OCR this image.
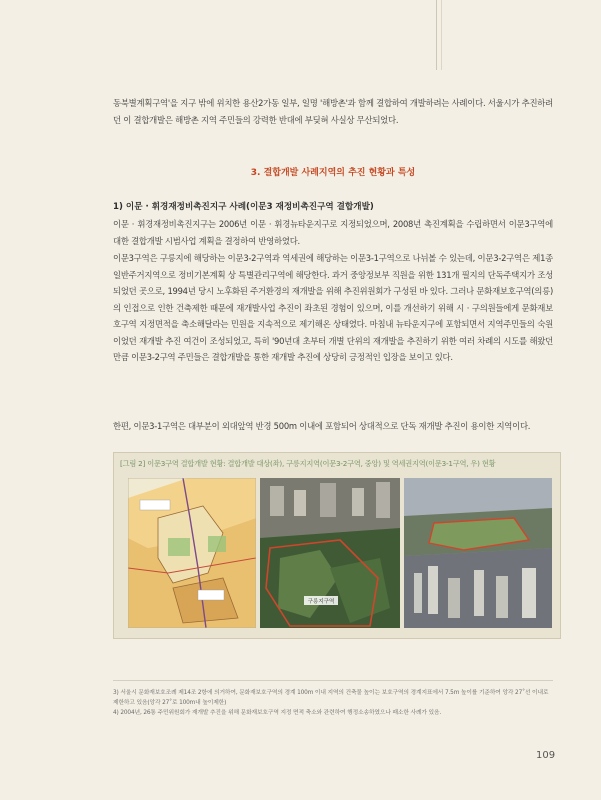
동북별계획구역'을 지구 밖에 위치한 용산2가동 일부, 일명 '해방촌'과 함께 결합하여 개발하려는 사례이다. 서울시가 추진하려던 이 결합개발은 해방촌 지역 주민들의 강력한 반대에 부딪혀 사실상 무산되었다.

3. 결합개발 사례지역의 추진 현황과 특성

1) 이문 · 휘경재정비촉진지구 사례(이문3 재정비촉진구역 결합개발)

이문 · 휘경재정비촉진지구는 2006년 이문 · 휘경뉴타운지구로 지정되었으며, 2008년 촉진계획을 수립하면서 이문3구역에 대한 결합개발 시범사업 계획을 결정하여 반영하였다.

이문3구역은 구릉지에 해당하는 이문3-2구역과 역세권에 해당하는 이문3-1구역으로 나뉘볼 수 있는데, 이문3-2구역은 제1종 일반주거지역으로 정비기본계획 상 특별관리구역에 해당한다. 과거 중앙정보부 직원을 위한 131개 필지의 단독주택지가 조성되었던 곳으로, 1994년 당시 노후화된 주거환경의 재개발을 위해 추진위원회가 구성된 바 있다. 그러나 문화재보호구역(의릉)의 인접으로 인한 건축제한 때문에 재개발사업 추진이 좌초된 경험이 있으며, 이를 개선하기 위해 시 · 구의원들에게 문화재보호구역 지정면적을 축소해달라는 민원을 지속적으로 제기해온 상태였다. 마침내 뉴타운지구에 포함되면서 지역주민들의 숙원이었던 재개발 추진 여건이 조성되었고, 특히 '90년대 초부터 개별 단위의 재개발을 추진하기 위한 여러 차례의 시도를 해왔던 만큼 이문3-2구역 주민들은 결합개발을 통한 재개발 추진에 상당히 긍정적인 입장을 보이고 있다.

한편, 이문3-1구역은 대부분이 외대앞역 반경 500m 이내에 포함되어 상대적으로 단독 재개발 추진이 용이한 지역이다.

[그림 2] 이문3구역 결합개발 현황: 결합개발 대상(좌), 구릉지지역(이문3-2구역, 중앙) 및 역세권지역(이문3-1구역, 우) 현황
구릉지구역

3) 서울시 문화재보호조례 제14조 2항에 의거하여, 문화재보호구역의 경계 100m 이내 지역의 건축물 높이는 보호구역의 경계지표에서 7.5m 높이를 기준하여 앙각 27˚선 이내로 제한하고 있음(앙각 27˚로 100m내 높이제한)

4) 2004년, 26통 주민위원회가 재개발 추진을 위해 문화재보호구역 지정 면적 축소와 관련하여 행정소송하였으나 패소한 사례가 있음.

109
